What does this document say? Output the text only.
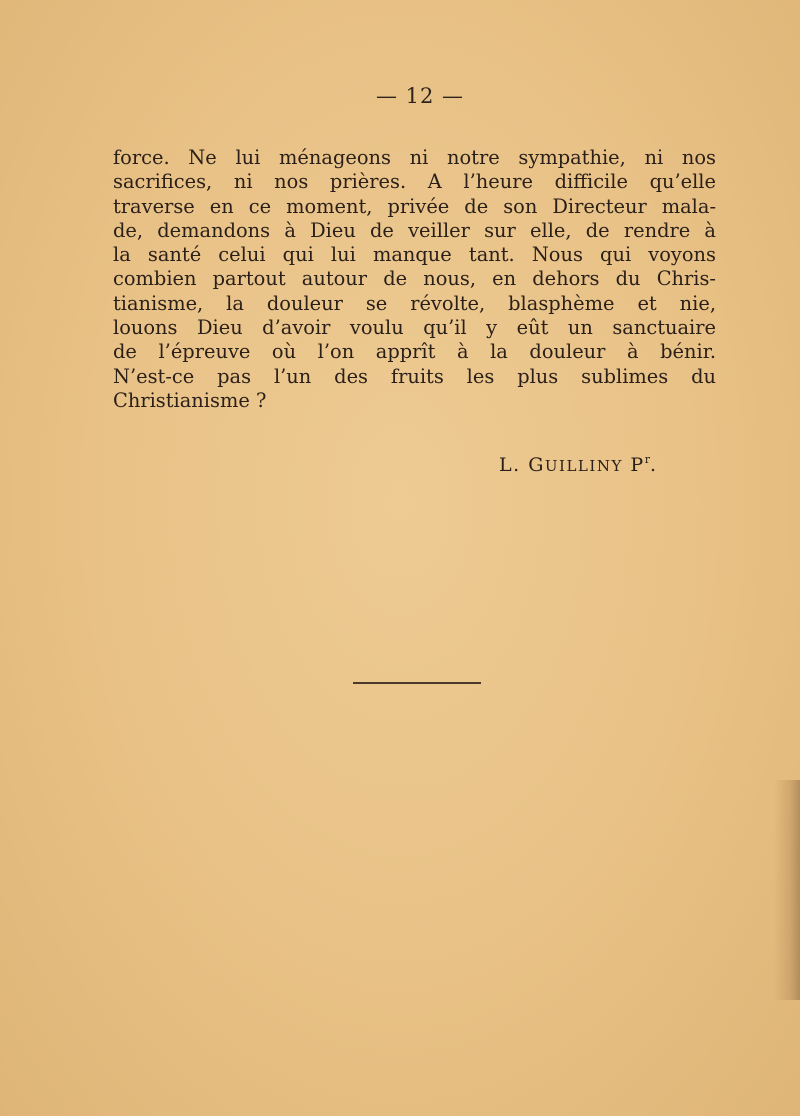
— 12 —
force. Ne lui ménageons ni notre sympathie, ni nos
sacrifices, ni nos prières. A l’heure difficile qu’elle
traverse en ce moment, privée de son Directeur mala-
de, demandons à Dieu de veiller sur elle, de rendre à
la santé celui qui lui manque tant. Nous qui voyons
combien partout autour de nous, en dehors du Chris-
tianisme, la douleur se révolte, blasphème et nie,
louons Dieu d’avoir voulu qu’il y eût un sanctuaire
de l’épreuve où l’on apprît à la douleur à bénir.
N’est-ce pas l’un des fruits les plus sublimes du
Christianisme ?
L. GUILLINY $P^r$.
